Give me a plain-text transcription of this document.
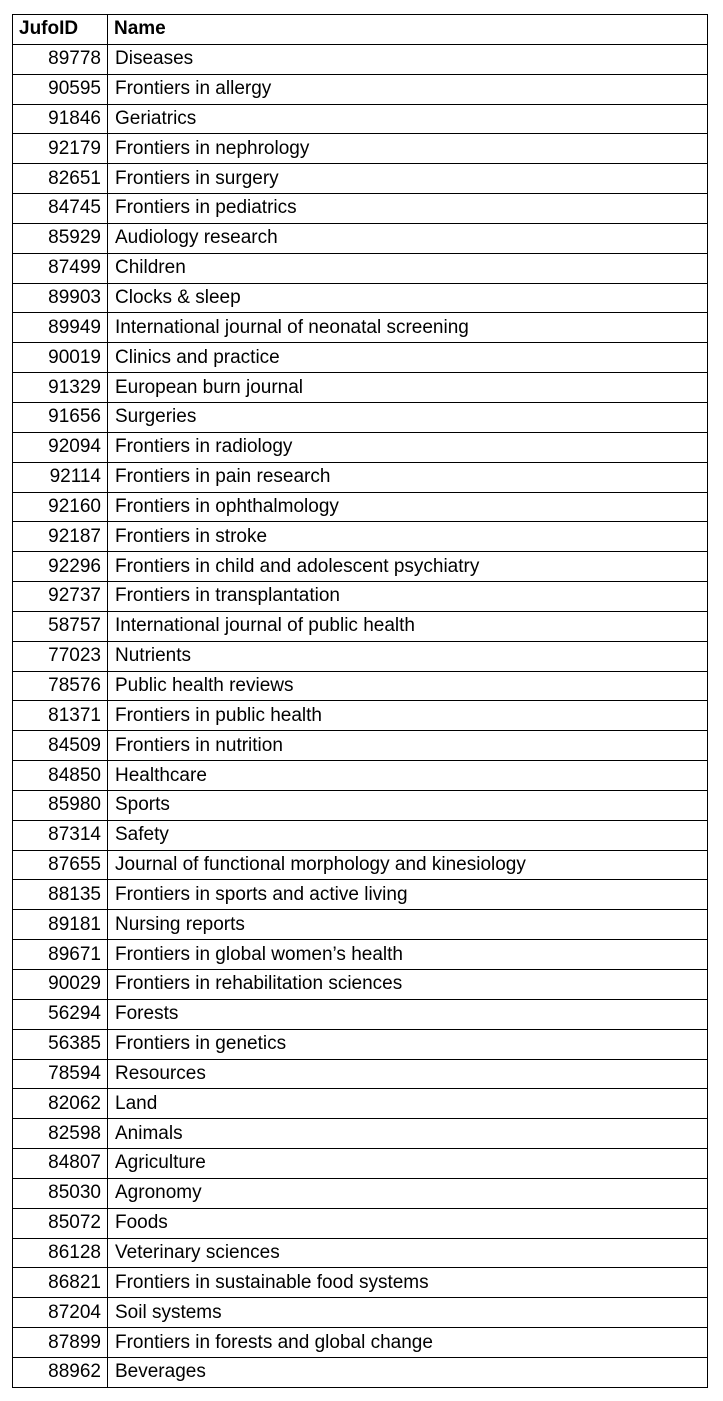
JufoID	Name
89778	Diseases
90595	Frontiers in allergy
91846	Geriatrics
92179	Frontiers in nephrology
82651	Frontiers in surgery
84745	Frontiers in pediatrics
85929	Audiology research
87499	Children
89903	Clocks & sleep
89949	International journal of neonatal screening
90019	Clinics and practice
91329	European burn journal
91656	Surgeries
92094	Frontiers in radiology
92114	Frontiers in pain research
92160	Frontiers in ophthalmology
92187	Frontiers in stroke
92296	Frontiers in child and adolescent psychiatry
92737	Frontiers in transplantation
58757	International journal of public health
77023	Nutrients
78576	Public health reviews
81371	Frontiers in public health
84509	Frontiers in nutrition
84850	Healthcare
85980	Sports
87314	Safety
87655	Journal of functional morphology and kinesiology
88135	Frontiers in sports and active living
89181	Nursing reports
89671	Frontiers in global women’s health
90029	Frontiers in rehabilitation sciences
56294	Forests
56385	Frontiers in genetics
78594	Resources
82062	Land
82598	Animals
84807	Agriculture
85030	Agronomy
85072	Foods
86128	Veterinary sciences
86821	Frontiers in sustainable food systems
87204	Soil systems
87899	Frontiers in forests and global change
88962	Beverages
